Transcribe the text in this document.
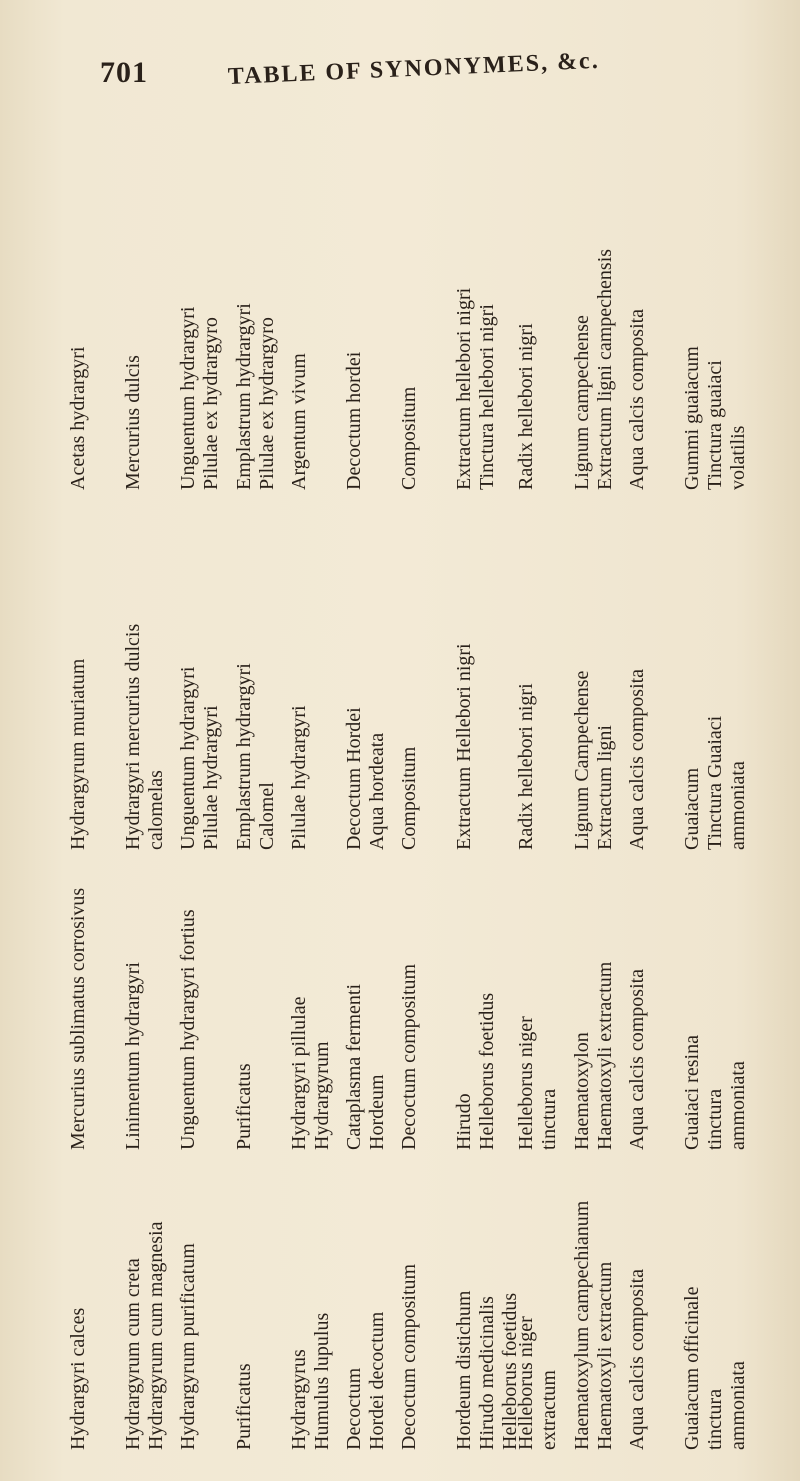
701	TABLE OF SYNONYMES, &c.
Hydrargyri calces
Mercurius sublimatus corrosivus
Hydrargyrum muriatum
Acetas hydrargyri
Hydrargyrum cum creta Hydrargyrum cum magnesia
Linimentum hydrargyri
Hydrargyri mercurius dulcis calomelas
Mercurius dulcis
Hydrargyrum purificatum
Unguentum hydrargyri fortius
Unguentum hydrargyri Pilulae hydrargyri
Unguentum hydrargyri Pilulae ex hydrargyro
Purificatus
Purificatus
Emplastrum hydrargyri Calomel
Emplastrum hydrargyri Pilulae ex hydrargyro
Hydrargyrus Humulus lupulus
Hydrargyri pillulae Hydrargyrum
Pilulae hydrargyri
Argentum vivum
Decoctum Hordei decoctum
Cataplasma fermenti Hordeum
Decoctum Hordei Aqua hordeata
Decoctum hordei
Decoctum compositum
Decoctum compositum
Compositum
Compositum
Hordeum distichum Hirudo medicinalis Helleborus foetidus
Hirudo Helleborus foetidus
Extractum Hellebori nigri
Extractum hellebori nigri Tinctura hellebori nigri
Helleborus niger extractum
Helleborus niger tinctura
Radix hellebori nigri
Radix hellebori nigri
Haematoxylum campechianum Haematoxyli extractum
Haematoxylon Haematoxyli extractum
Lignum Campechense Extractum ligni
Lignum campechense Extractum ligni campechensis
Aqua calcis composita
Aqua calcis composita
Aqua calcis composita
Aqua calcis composita
Guaiacum officinale tinctura ammoniata
Guaiaci resina tinctura ammoniata
Guaiacum Tinctura Guaiaci ammoniata
Gummi guaiacum Tinctura guaiaci volatilis
